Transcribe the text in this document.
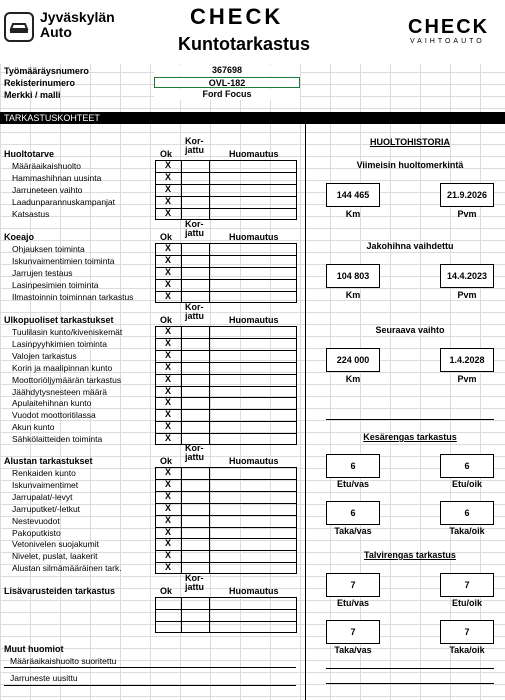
Jyväskylän
Auto
CHECK
Kuntotarkastus
CHECK
VAIHTOAUTO
Työmääräysnumero	367698
Rekisterinumero	OVL-182
Merkki / malli	Ford Focus
TARKASTUSKOHTEET
Kor-
jattu
Huoltotarve	Ok	Huomautus
Määräaikaishuolto	X
Hammashihnan uusinta	X
Jarruneteen vaihto	X
Laadunparannuskampanjat	X
Katsastus	X
Kor-
jattu
Koeajo	Ok	Huomautus
Ohjauksen toiminta	X
Iskunvaimentimien toiminta	X
Jarrujen testaus	X
Lasinpesimien toiminta	X
Ilmastoinnin toiminnan tarkastus	X
Kor-
jattu
Ulkopuoliset tarkastukset	Ok	Huomautus
Tuulilasin kunto/kiveniskemät	X
Lasinpyyhkimien toiminta	X
Valojen tarkastus	X
Korin ja maalipinnan kunto	X
Moottoriöljymäärän tarkastus	X
Jäähdytysnesteen määrä	X
Apulaitehihnan kunto	X
Vuodot moottoritilassa	X
Akun kunto	X
Sähkölaitteiden toiminta	X
Kor-
jattu
Alustan tarkastukset	Ok	Huomautus
Renkaiden kunto	X
Iskunvaimentimet	X
Jarrupalat/-levyt	X
Jarruputket/-letkut	X
Nestevuodot	X
Pakoputkisto	X
Vetonivelen suojakumit	X
Nivelet, puslat, laakerit	X
Alustan silmämääräinen tark.	X
Kor-
jattu
Lisävarusteiden tarkastus	Ok	Huomautus
Muut huomiot
Määräaikaishuolto suoritettu
Jarruneste uusittu
HUOLTOHISTORIA
Viimeisin huoltomerkintä
144 465	21.9.2026
Km	Pvm
Jakohihna vaihdettu
104 803	14.4.2023
Km	Pvm
Seuraava vaihto
224 000	1.4.2028
Km	Pvm
Kesärengas tarkastus
6	6
Etu/vas	Etu/oik
6	6
Taka/vas	Taka/oik
Talvirengas tarkastus
7	7
Etu/vas	Etu/oik
7	7
Taka/vas	Taka/oik
